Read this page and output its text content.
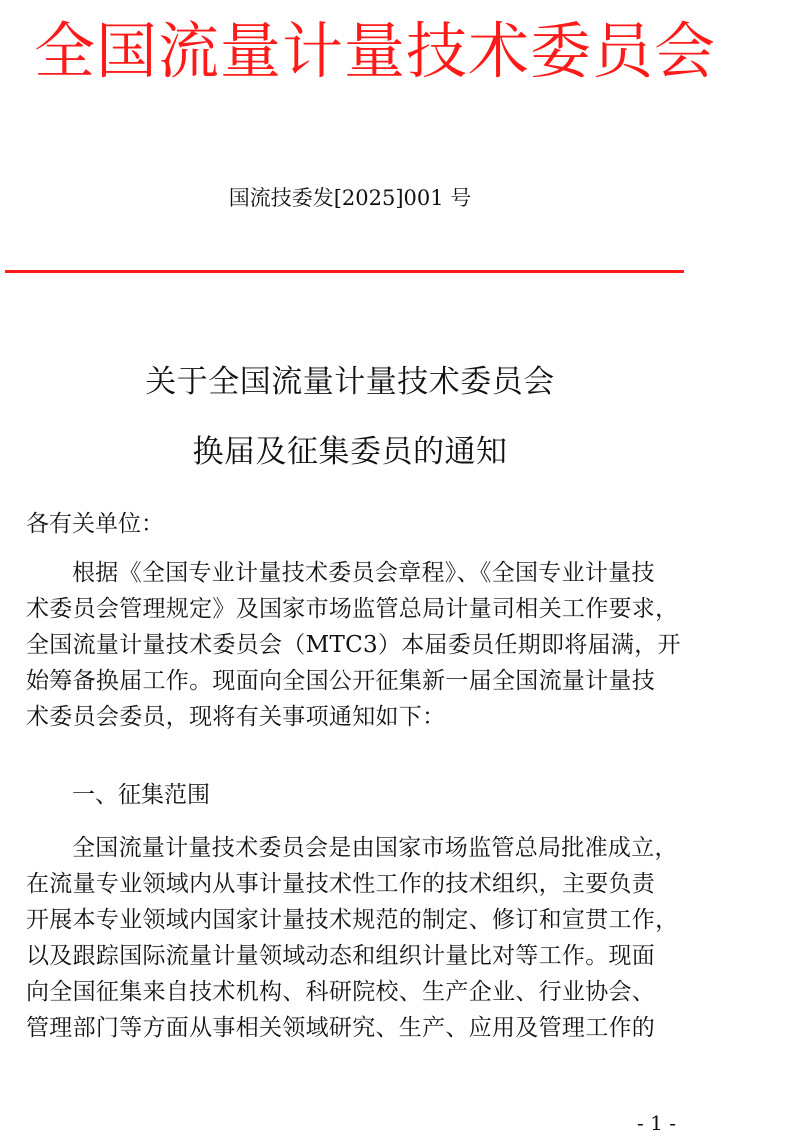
全国流量计量技术委员会
国流技委发[2025]001 号
关于全国流量计量技术委员会
换届及征集委员的通知
各有关单位：
根据《全国专业计量技术委员会章程》、《全国专业计量技
术委员会管理规定》及国家市场监管总局计量司相关工作要求，
全国流量计量技术委员会（MTC3）本届委员任期即将届满，开
始筹备换届工作。现面向全国公开征集新一届全国流量计量技
术委员会委员，现将有关事项通知如下：
一、征集范围
全国流量计量技术委员会是由国家市场监管总局批准成立，
在流量专业领域内从事计量技术性工作的技术组织，主要负责
开展本专业领域内国家计量技术规范的制定、修订和宣贯工作，
以及跟踪国际流量计量领域动态和组织计量比对等工作。现面
向全国征集来自技术机构、科研院校、生产企业、行业协会、
管理部门等方面从事相关领域研究、生产、应用及管理工作的
- 1 -
